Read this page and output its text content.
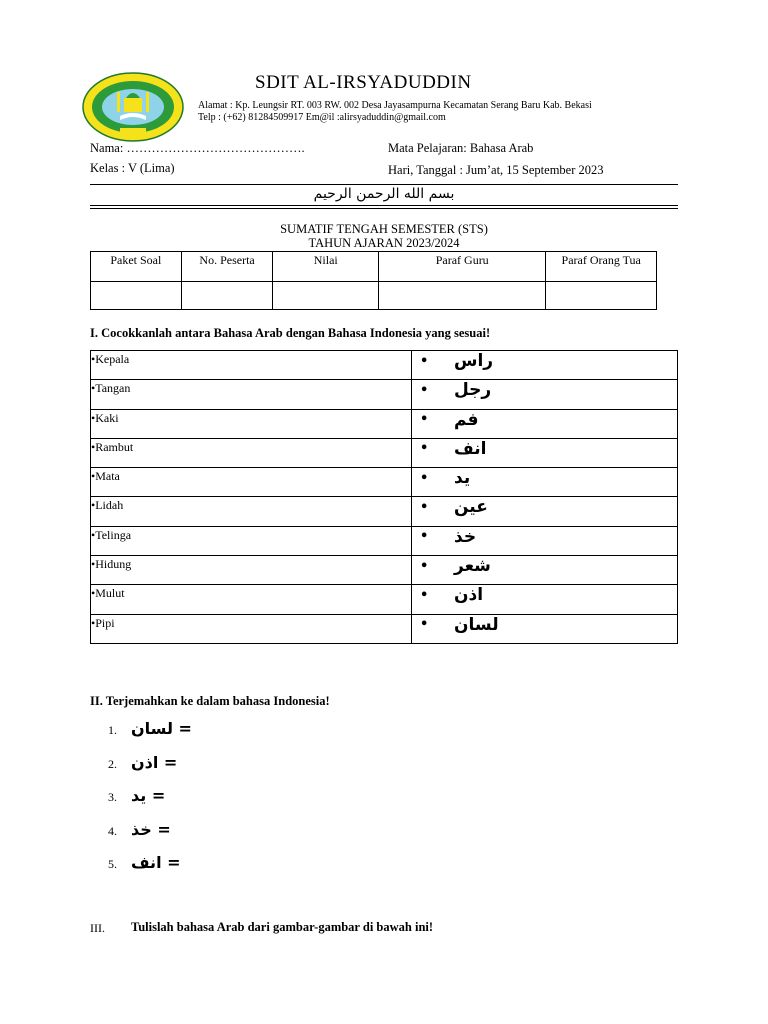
SDIT AL-IRSYADUDDIN
Alamat : Kp. Leungsir RT. 003 RW. 002 Desa Jayasampurna Kecamatan Serang Baru Kab. Bekasi
Telp : (+62) 81284509917 Em@il :alirsyaduddin@gmail.com
Nama: …………………………………….	Mata Pelajaran: Bahasa Arab
Kelas : V (Lima)	Hari, Tanggal : Jum’at, 15 September 2023
بسم الله الرحمن الرحيم
SUMATIF TENGAH SEMESTER (STS)
TAHUN AJARAN 2023/2024
Paket Soal	No. Peserta	Nilai	Paraf Guru	Paraf Orang Tua

I. Cocokkanlah antara Bahasa Arab dengan Bahasa Indonesia yang sesuai!
•Kepala	• راس
•Tangan	• رجل
•Kaki	• فم
•Rambut	• انف
•Mata	• يد
•Lidah	• عين
•Telinga	• خذ
•Hidung	• شعر
•Mulut	• اذن
•Pipi	• لسان
II. Terjemahkan ke dalam bahasa Indonesia!
1. لسان =
2. اذن =
3. يد =
4. خذ =
5. انف =
III. Tulislah bahasa Arab dari gambar-gambar di bawah ini!
